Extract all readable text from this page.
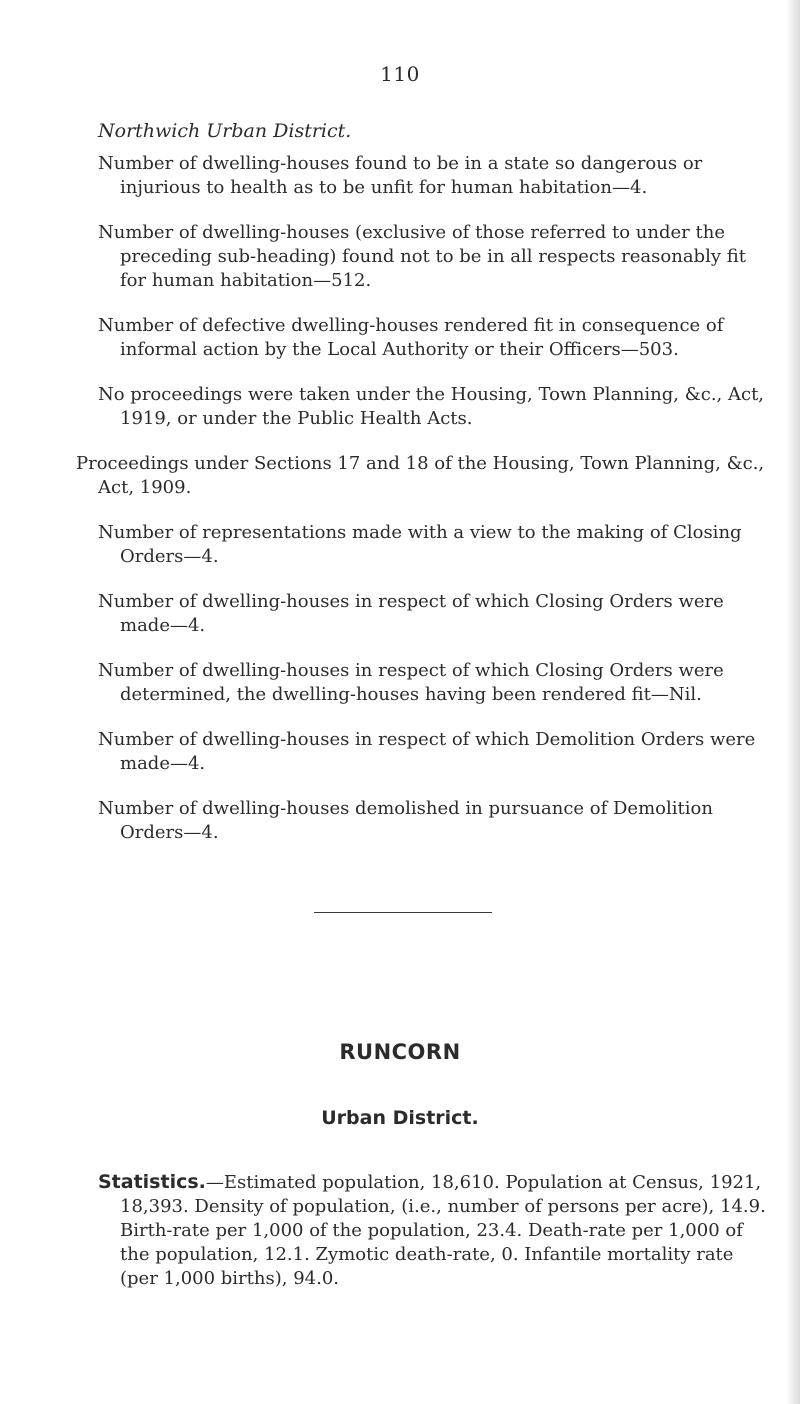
110
Northwich Urban District.

Number of dwelling-houses found to be in a state so dangerous or injurious to health as to be unfit for human habitation—4.

Number of dwelling-houses (exclusive of those referred to under the preceding sub-heading) found not to be in all respects reasonably fit for human habitation—512.

Number of defective dwelling-houses rendered fit in consequence of informal action by the Local Authority or their Officers—503.

No proceedings were taken under the Housing, Town Planning, &c., Act, 1919, or under the Public Health Acts.

Proceedings under Sections 17 and 18 of the Housing, Town Planning, &c., Act, 1909.

Number of representations made with a view to the making of Closing Orders—4.

Number of dwelling-houses in respect of which Closing Orders were made—4.

Number of dwelling-houses in respect of which Closing Orders were determined, the dwelling-houses having been rendered fit—Nil.

Number of dwelling-houses in respect of which Demolition Orders were made—4.

Number of dwelling-houses demolished in pursuance of Demolition Orders—4.

RUNCORN
Urban District.

Statistics.—Estimated population, 18,610. Population at Census, 1921, 18,393. Density of population, (i.e., number of persons per acre), 14.9. Birth-rate per 1,000 of the population, 23.4. Death-rate per 1,000 of the population, 12.1. Zymotic death-rate, 0. Infantile mortality rate (per 1,000 births), 94.0.
